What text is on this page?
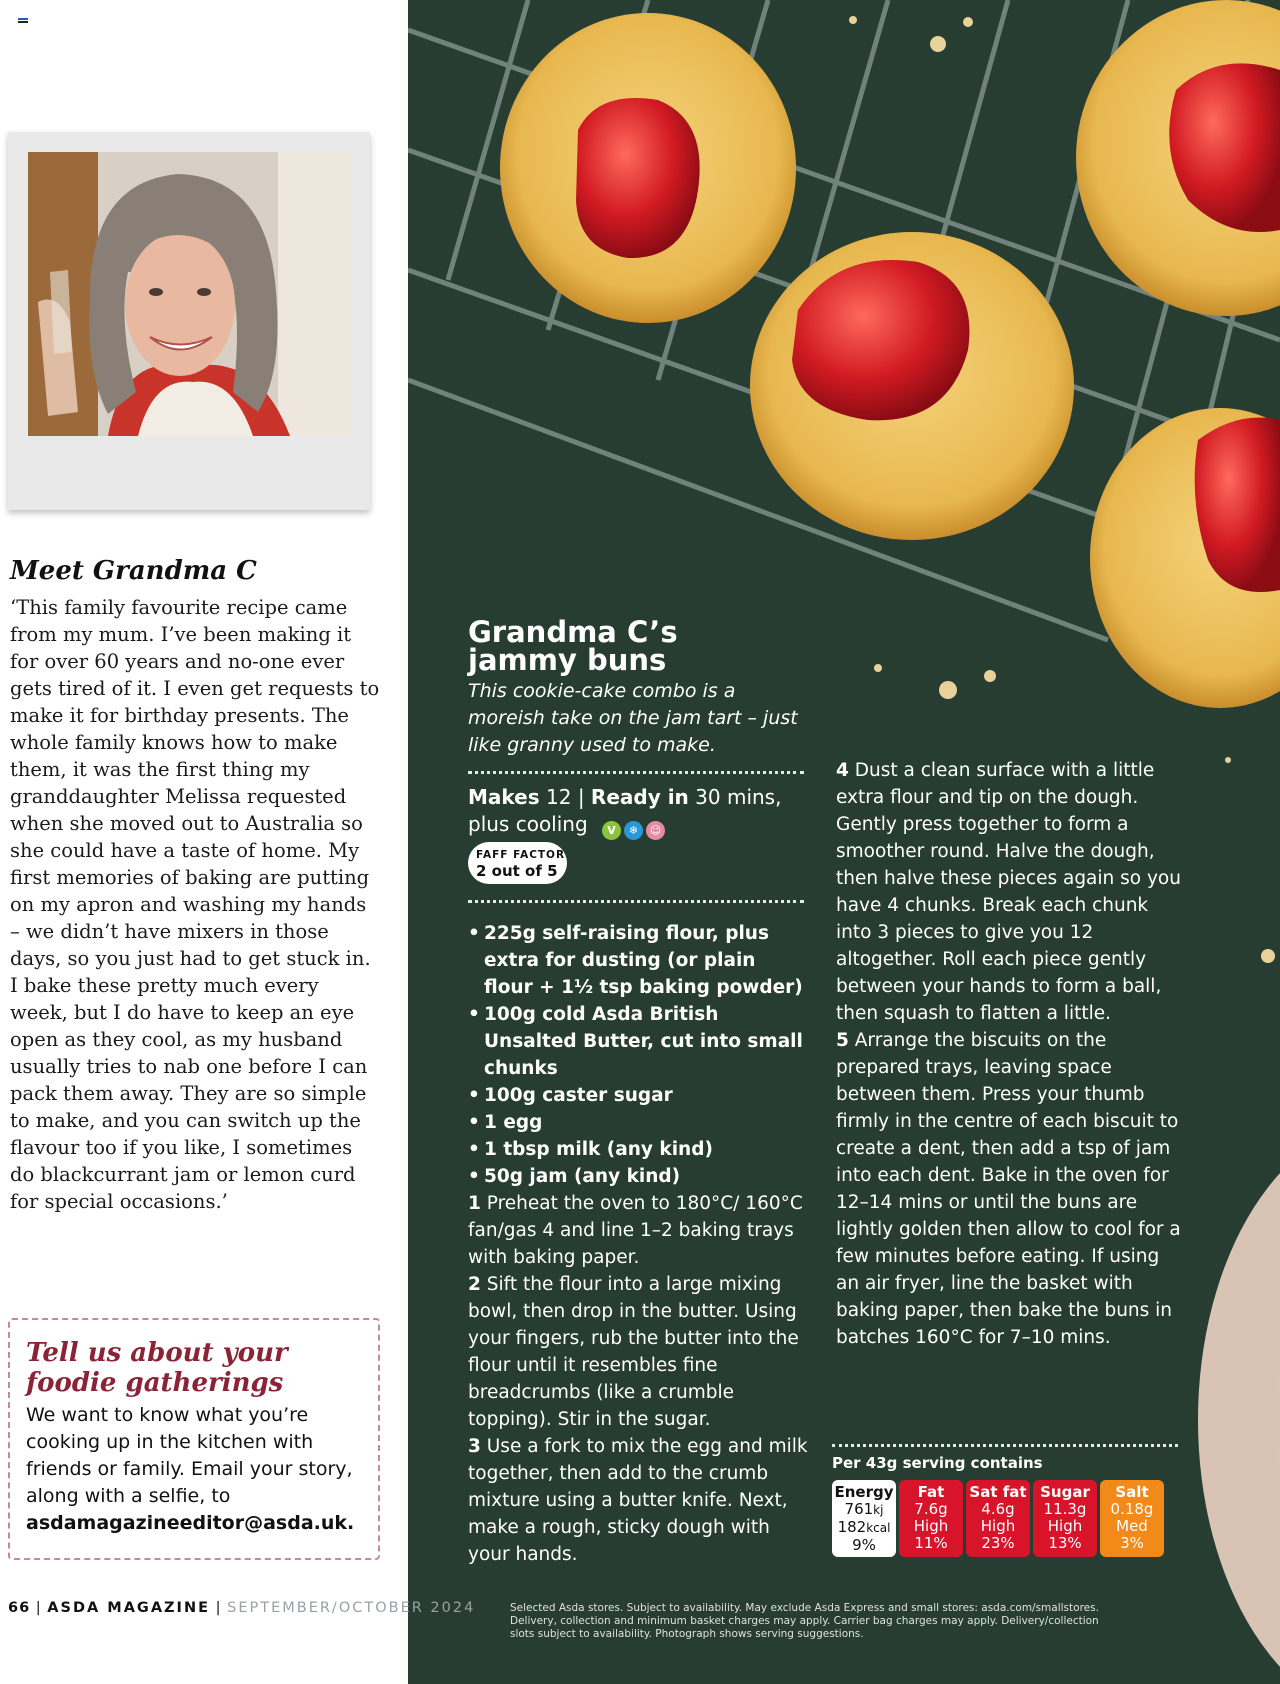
Meet Grandma C

‘This family favourite recipe came from my mum. I’ve been making it for over 60 years and no-one ever gets tired of it. I even get requests to make it for birthday presents. The whole family knows how to make them, it was the first thing my granddaughter Melissa requested when she moved out to Australia so she could have a taste of home. My first memories of baking are putting on my apron and washing my hands – we didn’t have mixers in those days, so you just had to get stuck in. I bake these pretty much every week, but I do have to keep an eye open as they cool, as my husband usually tries to nab one before I can pack them away. They are so simple to make, and you can switch up the flavour too if you like, I sometimes do blackcurrant jam or lemon curd for special occasions.’

Tell us about your
foodie gatherings

We want to know what you’re cooking up in the kitchen with friends or family. Email your story, along with a selfie, to asdamagazineeditor@asda.uk.

Grandma C’s
jammy buns

This cookie-cake combo is a moreish take on the jam tart – just like granny used to make.

Makes 12 | Ready in 30 mins, plus cooling V ❄ ☺

FAFF FACTOR
2 out of 5
• 225g self-raising flour, plus extra for dusting (or plain flour + 1½ tsp baking powder)
• 100g cold Asda British Unsalted Butter, cut into small chunks
• 100g caster sugar
• 1 egg
• 1 tbsp milk (any kind)
• 50g jam (any kind)

1 Preheat the oven to 180°C/ 160°C fan/gas 4 and line 1–2 baking trays with baking paper.
2 Sift the flour into a large mixing bowl, then drop in the butter. Using your fingers, rub the butter into the flour until it resembles fine breadcrumbs (like a crumble topping). Stir in the sugar.
3 Use a fork to mix the egg and milk together, then add to the crumb mixture using a butter knife. Next, make a rough, sticky dough with your hands.

4 Dust a clean surface with a little extra flour and tip on the dough. Gently press together to form a smoother round. Halve the dough, then halve these pieces again so you have 4 chunks. Break each chunk into 3 pieces to give you 12 altogether. Roll each piece gently between your hands to form a ball, then squash to flatten a little.
5 Arrange the biscuits on the prepared trays, leaving space between them. Press your thumb firmly in the centre of each biscuit to create a dent, then add a tsp of jam into each dent. Bake in the oven for 12–14 mins or until the buns are lightly golden then allow to cool for a few minutes before eating. If using an air fryer, line the basket with baking paper, then bake the buns in batches 160°C for 7–10 mins.

Per 43g serving contains
Energy
761kj
182kcal
9%
Fat
7.6g
High
11%
Sat fat
4.6g
High
23%
Sugar
11.3g
High
13%
Salt
0.18g
Med
3%

Selected Asda stores. Subject to availability. May exclude Asda Express and small stores: asda.com/smallstores. Delivery, collection and minimum basket charges may apply. Carrier bag charges may apply. Delivery/collection slots subject to availability. Photograph shows serving suggestions.

66 | ASDA MAGAZINE | SEPTEMBER/OCTOBER 2024
